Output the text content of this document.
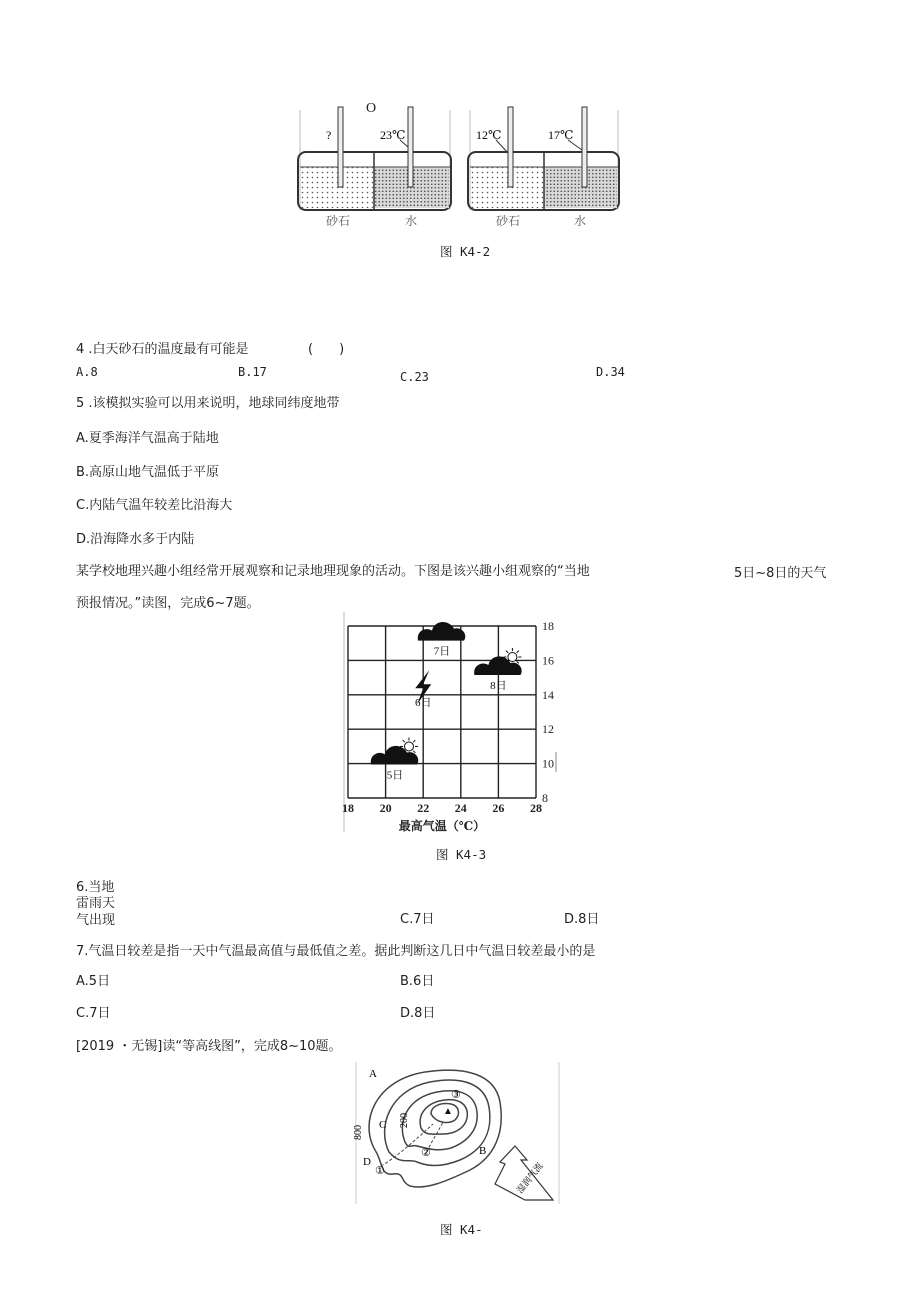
O
?	23℃
砂石	水
12℃	17℃
砂石	水
图 K4-2
4 .白天砂石的温度最有可能是	(　　)
A.8	B.17	C.23	D.34
5 .该模拟实验可以用来说明，地球同纬度地带
A.夏季海洋气温高于陆地
B.高原山地气温低于平原
C.内陆气温年较差比沿海大
D.沿海降水多于内陆
某学校地理兴趣小组经常开展观察和记录地理现象的活动。下图是该兴趣小组观察的“当地	5日~8日的天气
预报情况。”读图，完成6~7题。
18 20 22 24 26 28
8
10
12
14
16
18
最高气温（℃）
5日
6日
7日
8日
图 K4-3
6.当地
雷雨天
气出现	C.7日	D.8日
7.气温日较差是指一天中气温最高值与最低值之差。据此判断这几日中气温日较差最小的是
A.5日	B.6日
C.7日	D.8日
[2019 ・无锡]读“等高线图”，完成8~10题。
▲
A
B
C
D
800
200
①
②
③
湿润气流
图 K4-
